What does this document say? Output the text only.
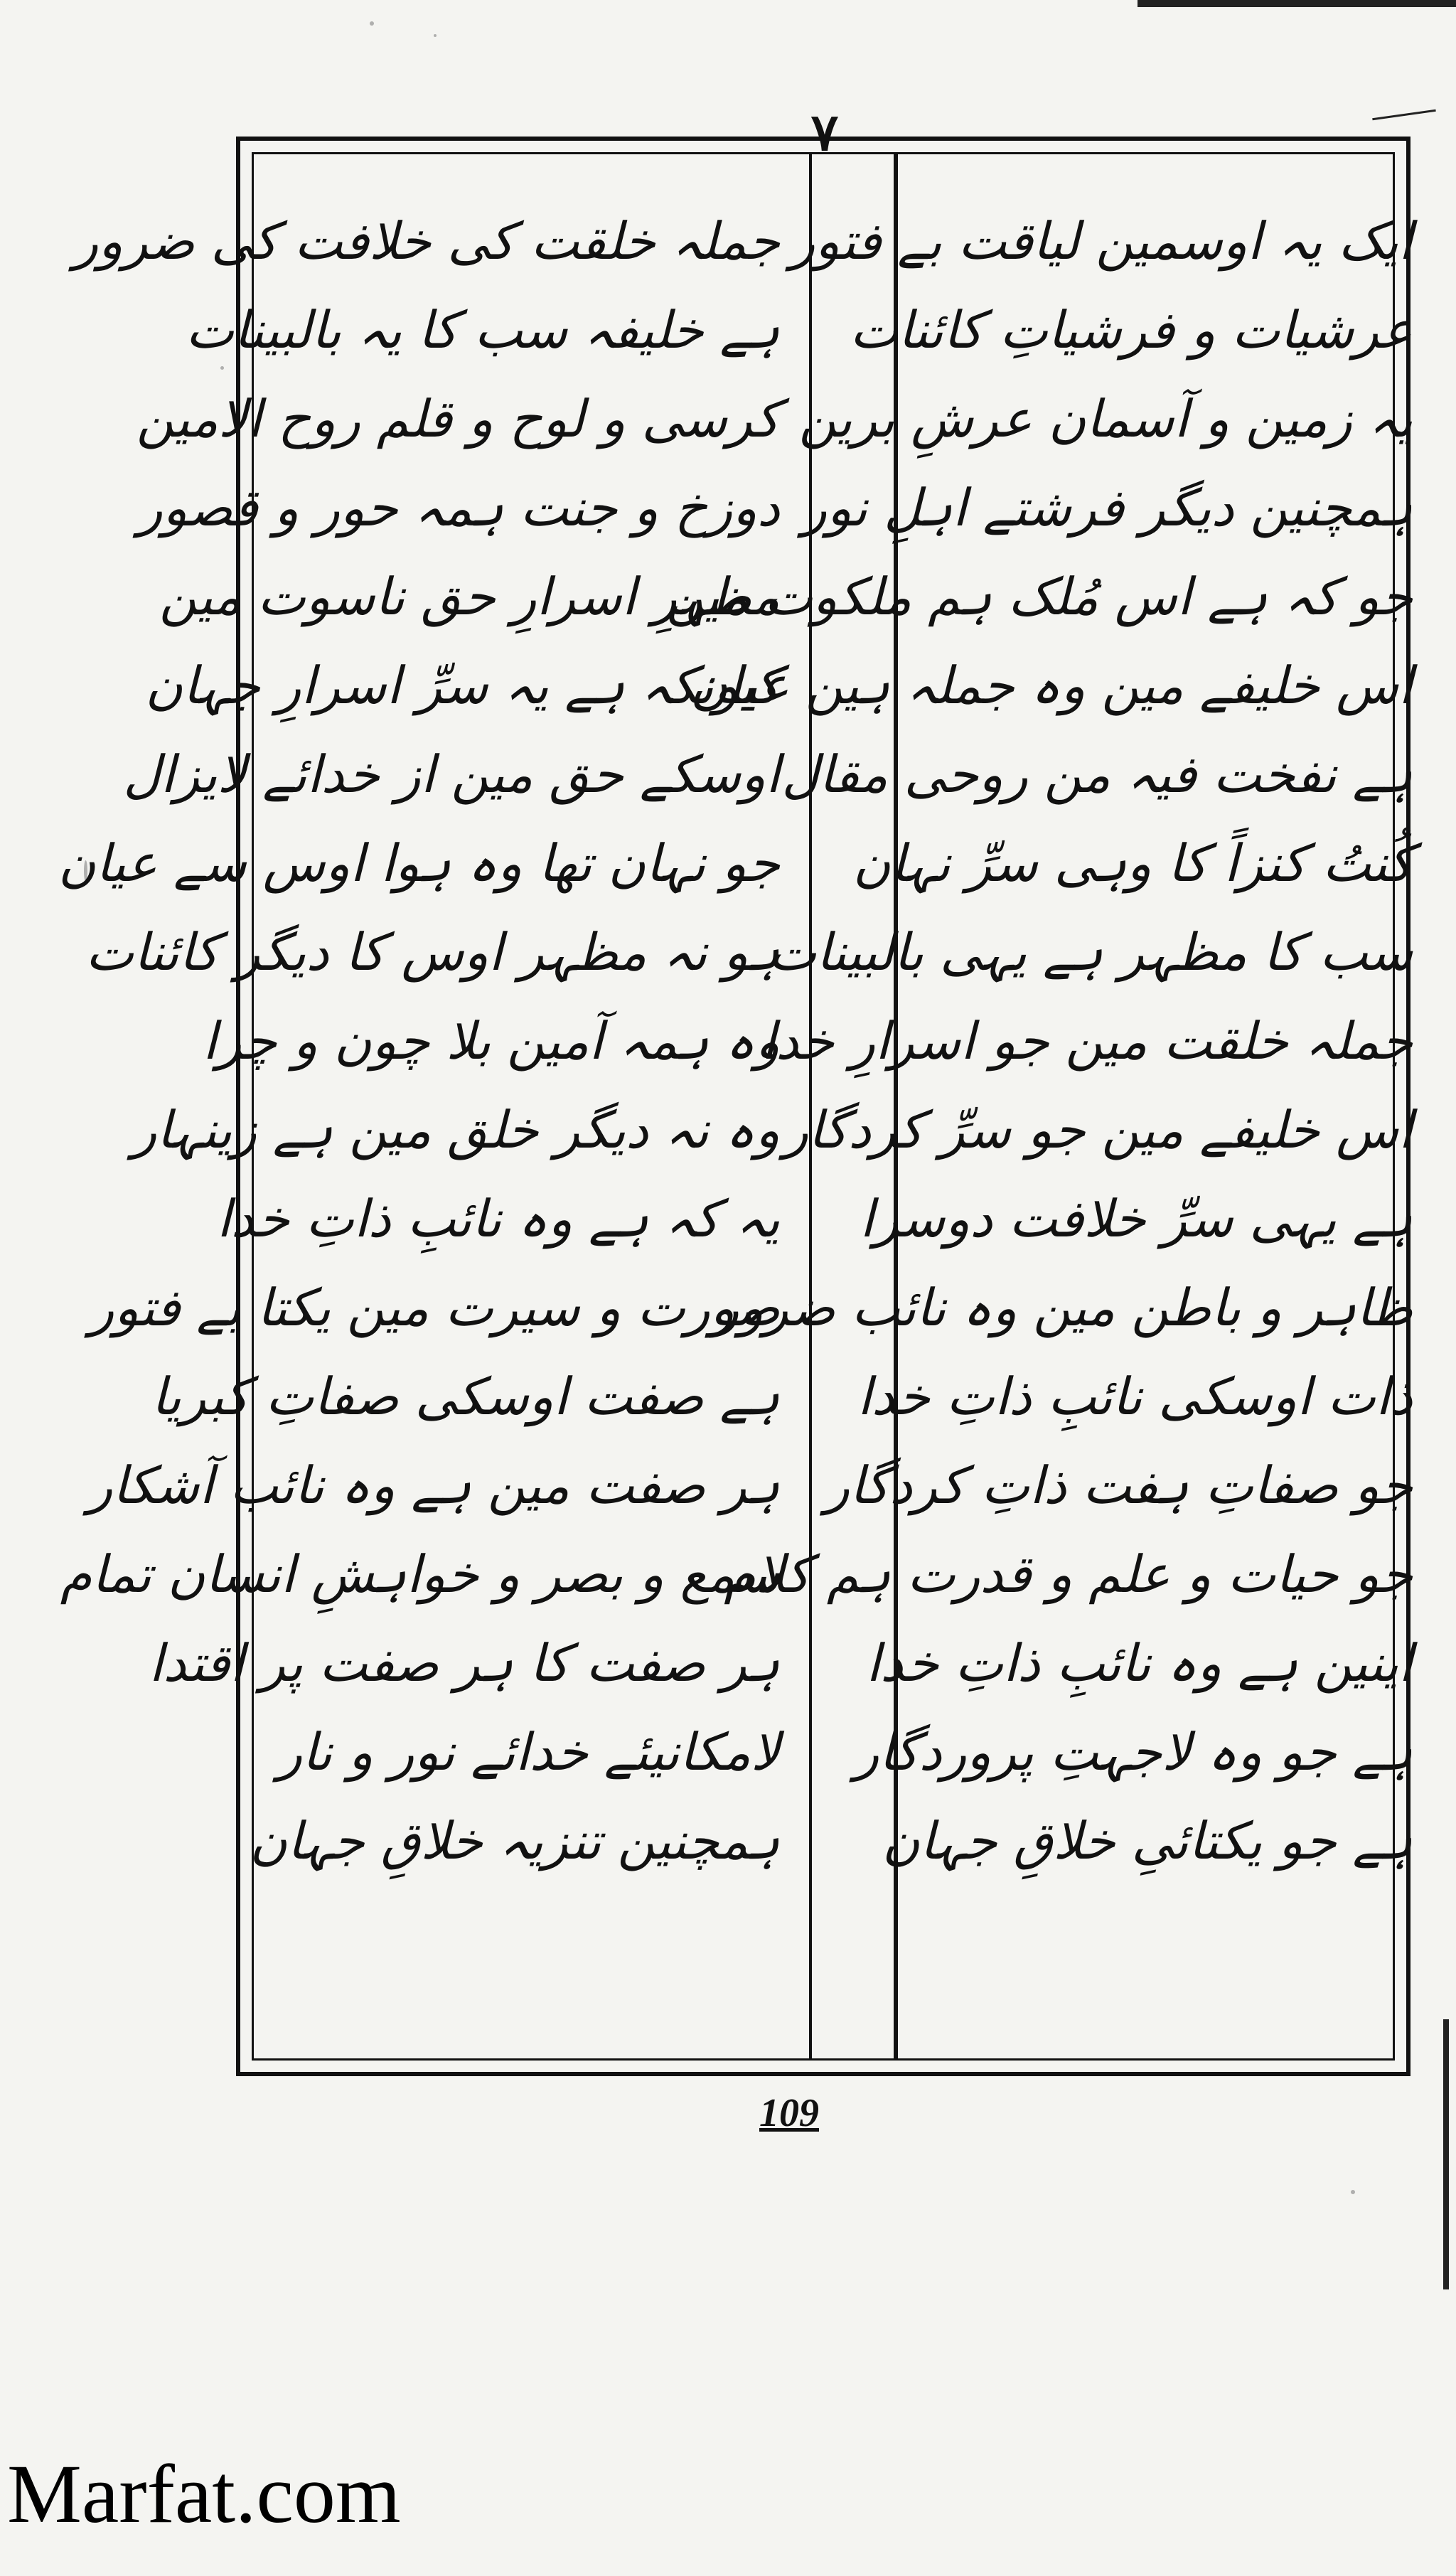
۷
ایک یہ اوسمین لیاقت بے فتور
عرشیات و فرشیاتِ کائنات
یہ زمین و آسمان عرشِ برین
ہمچنین دیگر فرشتے اہلِ نور
جو کہ ہے اس مُلک ہم ملکوت مین
اس خلیفے مین وہ جملہ ہین عیان
ہے نفخت فیہ من روحی مقال
کُنتُ کنزاً کا وہی سرِّ نہان
سب کا مظہر ہے یہی بالبینات
جملہ خلقت مین جو اسرارِ خدا
اس خلیفے مین جو سرِّ کردگار
ہے یہی سرِّ خلافت دوسرا
ظاہر و باطن مین وہ نائب ضرور
ذات اوسکی نائبِ ذاتِ خدا
جو صفاتِ ہفت ذاتِ کردگار
جو حیات و علم و قدرت ہم کلام
اینین ہے وہ نائبِ ذاتِ خدا
ہے جو وہ لاجہتِ پروردگار
ہے جو یکتائیِ خلاقِ جہان
جملہ خلقت کی خلافت کی ضرور
ہے خلیفہ سب کا یہ بالبینات
کرسی و لوح و قلم روح الامین
دوزخ و جنت ہمہ حور و قصور
مظہرِ اسرارِ حق ناسوت مین
کیونکہ ہے یہ سرِّ اسرارِ جہان
اوسکے حق مین از خدائے لایزال
جو نہان تھا وہ ہوا اوس سے عیان
ہو نہ مظہر اوس کا دیگر کائنات
وہ ہمہ آمین بلا چون و چرا
وہ نہ دیگر خلق مین ہے زینہار
یہ کہ ہے وہ نائبِ ذاتِ خدا
صورت و سیرت مین یکتا بے فتور
ہے صفت اوسکی صفاتِ کبریا
ہر صفت مین ہے وہ نائب آشکار
سمع و بصر و خواہشِ انسان تمام
ہر صفت کا ہر صفت پر اقتدا
لامکانیئے خدائے نور و نار
ہمچنین تنزیہ خلاقِ جہان
109
Marfat.com
